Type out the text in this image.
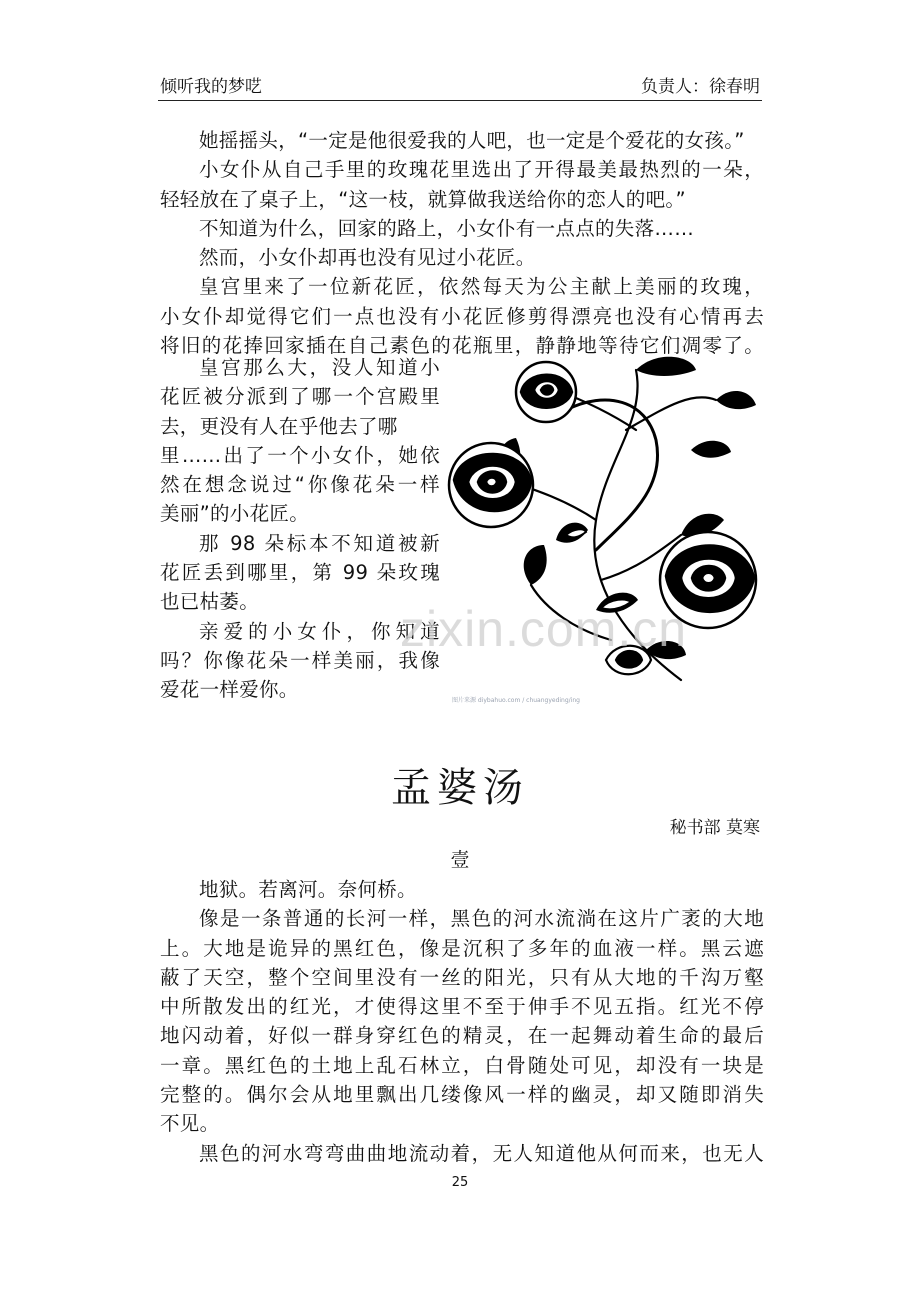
倾听我的梦呓	负责人：徐春明
她摇摇头，“一定是他很爱我的人吧，也一定是个爱花的女孩。”
小女仆从自己手里的玫瑰花里选出了开得最美最热烈的一朵，
轻轻放在了桌子上，“这一枝，就算做我送给你的恋人的吧。”
不知道为什么，回家的路上，小女仆有一点点的失落……
然而，小女仆却再也没有见过小花匠。
皇宫里来了一位新花匠，依然每天为公主献上美丽的玫瑰，
小女仆却觉得它们一点也没有小花匠修剪得漂亮也没有心情再去
将旧的花捧回家插在自己素色的花瓶里，静静地等待它们凋零了。
皇宫那么大，没人知道小
花匠被分派到了哪一个宫殿里
去，更没有人在乎他去了哪
里……出了一个小女仆，她依
然在想念说过“你像花朵一样
美丽”的小花匠。
那 98 朵标本不知道被新
花匠丢到哪里，第 99 朵玫瑰
也已枯萎。
亲爱的小女仆，你知道
吗？你像花朵一样美丽，我像
爱花一样爱你。
zixin.com.cn
图片来源 diybahuo.com / chuangyeding/ing
孟婆汤
秘书部 莫寒
壹
地狱。若离河。奈何桥。
像是一条普通的长河一样，黑色的河水流淌在这片广袤的大地
上。大地是诡异的黑红色，像是沉积了多年的血液一样。黑云遮
蔽了天空，整个空间里没有一丝的阳光，只有从大地的千沟万壑
中所散发出的红光，才使得这里不至于伸手不见五指。红光不停
地闪动着，好似一群身穿红色的精灵，在一起舞动着生命的最后
一章。黑红色的土地上乱石林立，白骨随处可见，却没有一块是
完整的。偶尔会从地里飘出几缕像风一样的幽灵，却又随即消失
不见。
黑色的河水弯弯曲曲地流动着，无人知道他从何而来，也无人
25
